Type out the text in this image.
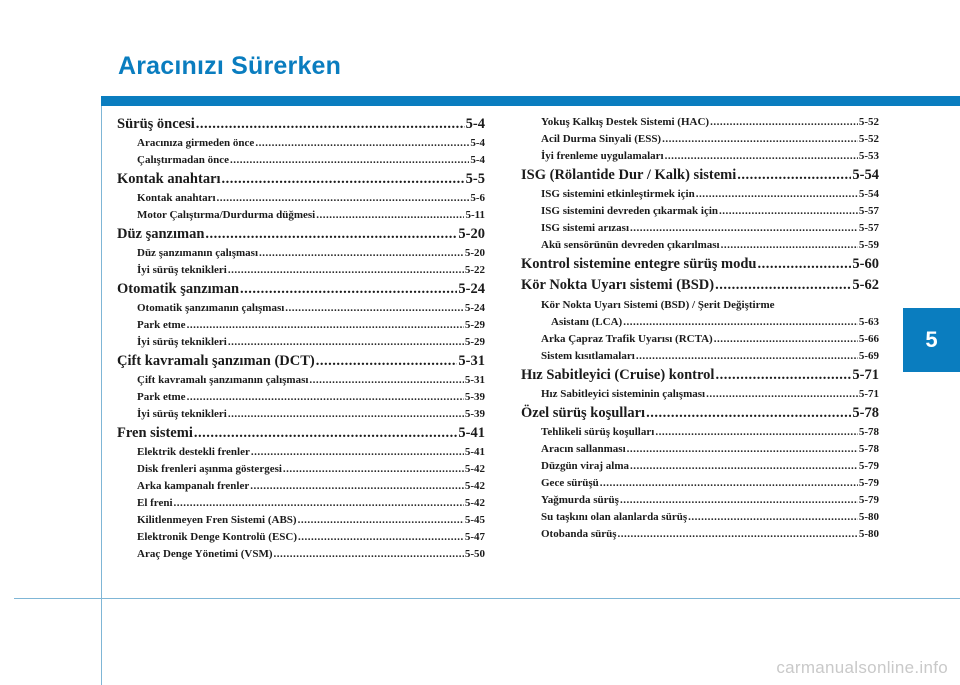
Aracınızı Sürerken
Sürüş öncesi .....	5-4
Aracınıza girmeden önce .....	5-4
Çalıştırmadan önce .....	5-4
Kontak anahtarı .....	5-5
Kontak anahtarı .....	5-6
Motor Çalıştırma/Durdurma düğmesi .....	5-11
Düz şanzıman .....	5-20
Düz şanzımanın çalışması .....	5-20
İyi sürüş teknikleri .....	5-22
Otomatik şanzıman .....	5-24
Otomatik şanzımanın çalışması .....	5-24
Park etme .....	5-29
İyi sürüş teknikleri .....	5-29
Çift kavramalı şanzıman (DCT) .....	5-31
Çift kavramalı şanzımanın çalışması .....	5-31
Park etme .....	5-39
İyi sürüş teknikleri .....	5-39
Fren sistemi .....	5-41
Elektrik destekli frenler .....	5-41
Disk frenleri aşınma göstergesi .....	5-42
Arka kampanalı frenler .....	5-42
El freni .....	5-42
Kilitlenmeyen Fren Sistemi (ABS) .....	5-45
Elektronik Denge Kontrolü (ESC) .....	5-47
Araç Denge Yönetimi (VSM) .....	5-50
Yokuş Kalkış Destek Sistemi (HAC) .....	5-52
Acil Durma Sinyali (ESS) .....	5-52
İyi frenleme uygulamaları .....	5-53
ISG (Rölantide Dur / Kalk) sistemi .....	5-54
ISG sistemini etkinleştirmek için .....	5-54
ISG sistemini devreden çıkarmak için .....	5-57
ISG sistemi arızası .....	5-57
Akü sensörünün devreden çıkarılması .....	5-59
Kontrol sistemine entegre sürüş modu .....	5-60
Kör Nokta Uyarı sistemi (BSD) .....	5-62
Kör Nokta Uyarı Sistemi (BSD) / Şerit Değiştirme
Asistanı (LCA) .....	5-63
Arka Çapraz Trafik Uyarısı (RCTA) .....	5-66
Sistem kısıtlamaları .....	5-69
Hız Sabitleyici (Cruise) kontrol .....	5-71
Hız Sabitleyici sisteminin çalışması .....	5-71
Özel sürüş koşulları .....	5-78
Tehlikeli sürüş koşulları .....	5-78
Aracın sallanması .....	5-78
Düzgün viraj alma .....	5-79
Gece sürüşü .....	5-79
Yağmurda sürüş .....	5-79
Su taşkını olan alanlarda sürüş .....	5-80
Otobanda sürüş .....	5-80
5
carmanualsonline.info
